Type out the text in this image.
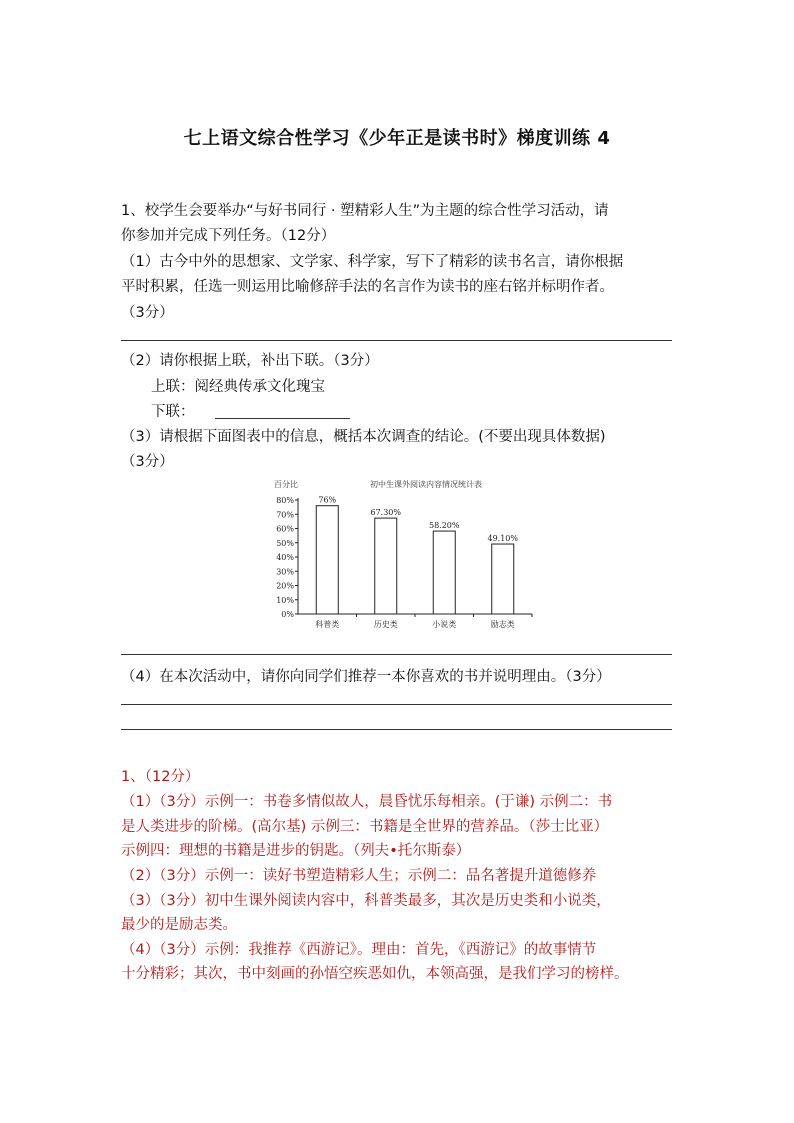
七上语文综合性学习《少年正是读书时》梯度训练 4
1、校学生会要举办“与好书同行 · 塑精彩人生”为主题的综合性学习活动，请
你参加并完成下列任务。（12分）
（1）古今中外的思想家、文学家、科学家，写下了精彩的读书名言，请你根据
平时积累，任选一则运用比喻修辞手法的名言作为读书的座右铭并标明作者。
（3分）
（2）请你根据上联，补出下联。（3分）
上联：阅经典传承文化瑰宝
下联：
（3）请根据下面图表中的信息，概括本次调查的结论。(不要出现具体数据)
（3分）
百分比	初中生课外阅读内容情况统计表
80%
70%
60%
50%
40%
30%
20%
10%
0%
76%
67.30%
58.20%
49.10%
科普类	历史类	小说类	励志类
（4）在本次活动中，请你向同学们推荐一本你喜欢的书并说明理由。（3分）
1、（12分）
（1）（3分）示例一：书卷多情似故人，晨昏忧乐每相亲。(于谦) 示例二：书
是人类进步的阶梯。(高尔基) 示例三：书籍是全世界的营养品。（莎士比亚）
示例四：理想的书籍是进步的钥匙。（列夫•托尔斯泰）
（2）（3分）示例一：读好书塑造精彩人生；示例二：品名著提升道德修养
（3）（3分）初中生课外阅读内容中，科普类最多，其次是历史类和小说类，
最少的是励志类。
（4）（3分）示例：我推荐《西游记》。理由：首先，《西游记》的故事情节
十分精彩；其次，书中刻画的孙悟空疾恶如仇，本领高强，是我们学习的榜样。
